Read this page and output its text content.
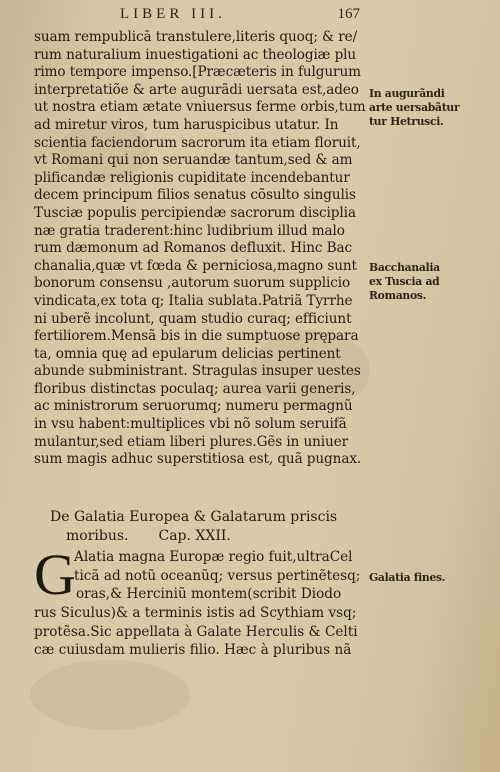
LIBER III.	167
suam rempublicā transtulere,literis quoq; & re/
rum naturalium inuestigationi ac theologiæ plu
rimo tempore impenso.[Præcæteris in fulgurum
interpretatiõe & arte augurãdi uersata est,adeo
ut nostra etiam ætate vniuersus ferme orbis,tum
ad miretur viros, tum haruspicibus utatur. In
scientia faciendorum sacrorum ita etiam floruit,
vt Romani qui non seruandæ tantum,sed & am
plificandæ religionis cupiditate incendebantur
decem principum filios senatus cõsulto singulis
Tusciæ populis percipiendæ sacrorum disciplia
næ gratia traderent:hinc ludibrium illud malo
rum dæmonum ad Romanos defluxit. Hinc Bac
chanalia,quæ vt fœda & perniciosa,magno sunt
bonorum consensu ,autorum suorum supplicio
vindicata,ex tota q; Italia sublata.Patriã Tyrrhe
ni uberẽ incolunt, quam studio curaq; efficiunt
fertiliorem.Mensã bis in die sumptuose prępara
ta, omnia quę ad epularum delicias pertinent
abunde subministrant. Stragulas insuper uestes
floribus distinctas poculaq; aurea varii generis,
ac ministrorum seruorumq; numeru permagnũ
in vsu habent:multiplices vbi nõ solum seruifã
mulantur,sed etiam liberi plures.Gẽs in uniuer
sum magis adhuc superstitiosa est, quã pugnax.
In augurãndi
arte uersabãtur
tur Hetrusci.
Bacchanalia
ex Tuscia ad
Romanos.
De Galatia Europea & Galatarum priscis
moribus. Cap. XXII.
G
Alatia magna Europæ regio fuit,ultraCel
ticã ad notũ oceanũq; versus pertinẽtesq;
oras,& Herciniũ montem(scribit Diodo
rus Siculus)& a terminis istis ad Scythiam vsq;
protẽsa.Sic appellata à Galate Herculis & Celti
cæ cuiusdam mulieris filio. Hæc à pluribus nã
Galatia fines.
